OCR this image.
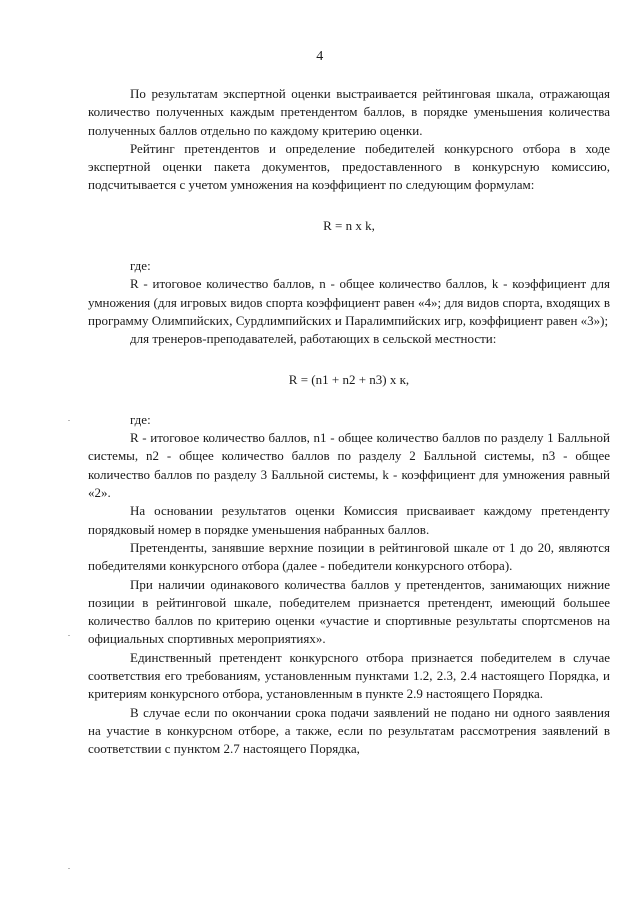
4

По результатам экспертной оценки выстраивается рейтинговая шкала, отражающая количество полученных каждым претендентом баллов, в порядке уменьшения количества полученных баллов отдельно по каждому критерию оценки.

Рейтинг претендентов и определение победителей конкурсного отбора в ходе экспертной оценки пакета документов, предоставленного в конкурсную комиссию, подсчитывается с учетом умножения на коэффициент по следующим формулам:

R = n x k,

где:

R - итоговое количество баллов, n - общее количество баллов, k - коэффициент для умножения (для игровых видов спорта коэффициент равен «4»; для видов спорта, входящих в программу Олимпийских, Сурдлимпийских и Паралимпийских игр, коэффициент равен «3»);

для тренеров-преподавателей, работающих в сельской местности:

R = (n1 + n2 + n3) x к,

где:

R - итоговое количество баллов, n1 - общее количество баллов по разделу 1 Балльной системы, n2 - общее количество баллов по разделу 2 Балльной системы, n3 - общее количество баллов по разделу 3 Балльной системы, k - коэффициент для умножения равный «2».

На основании результатов оценки Комиссия присваивает каждому претенденту порядковый номер в порядке уменьшения набранных баллов.

Претенденты, занявшие верхние позиции в рейтинговой шкале от 1 до 20, являются победителями конкурсного отбора (далее - победители конкурсного отбора).

При наличии одинакового количества баллов у претендентов, занимающих нижние позиции в рейтинговой шкале, победителем признается претендент, имеющий большее количество баллов по критерию оценки «участие и спортивные результаты спортсменов на официальных спортивных мероприятиях».

Единственный претендент конкурсного отбора признается победителем в случае соответствия его требованиям, установленным пунктами 1.2, 2.3, 2.4 настоящего Порядка, и критериям конкурсного отбора, установленным в пункте 2.9 настоящего Порядка.

В случае если по окончании срока подачи заявлений не подано ни одного заявления на участие в конкурсном отборе, а также, если по результатам рассмотрения заявлений в соответствии с пунктом 2.7 настоящего Порядка,
